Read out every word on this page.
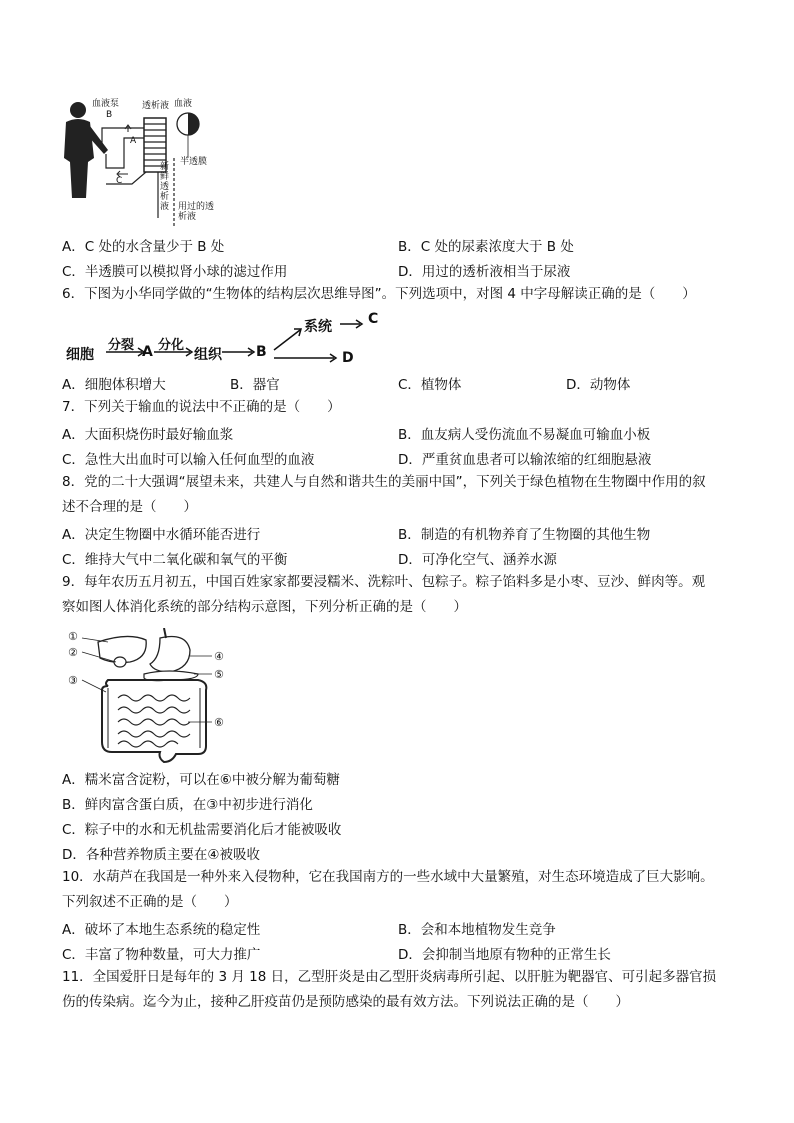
血液泵	透析液 血液
B
A
C
半透膜
新鲜透析液 用过的透析液
A．C 处的水含量少于 B 处	B．C 处的尿素浓度大于 B 处
C．半透膜可以模拟肾小球的滤过作用	D．用过的透析液相当于尿液
6．下图为小华同学做的“生物体的结构层次思维导图”。下列选项中，对图 4 中字母解读正确的是（　　）
细胞
分裂 A 分化
组织 B
系统	C
D
A．细胞体积增大	B．器官	C．植物体	D．动物体
7．下列关于输血的说法中不正确的是（　　）
A．大面积烧伤时最好输血浆	B．血友病人受伤流血不易凝血可输血小板
C．急性大出血时可以输入任何血型的血液	D．严重贫血患者可以输浓缩的红细胞悬液
8．党的二十大强调“展望未来，共建人与自然和谐共生的美丽中国”，下列关于绿色植物在生物圈中作用的叙
述不合理的是（　　）
A．决定生物圈中水循环能否进行	B．制造的有机物养育了生物圈的其他生物
C．维持大气中二氧化碳和氧气的平衡	D．可净化空气、涵养水源
9．每年农历五月初五，中国百姓家家都要浸糯米、洗粽叶、包粽子。粽子馅料多是小枣、豆沙、鲜肉等。观
察如图人体消化系统的部分结构示意图，下列分析正确的是（　　）
①
②
③
④
⑤
⑥
A．糯米富含淀粉，可以在⑥中被分解为葡萄糖
B．鲜肉富含蛋白质，在③中初步进行消化
C．粽子中的水和无机盐需要消化后才能被吸收
D．各种营养物质主要在④被吸收
10．水葫芦在我国是一种外来入侵物种，它在我国南方的一些水域中大量繁殖，对生态环境造成了巨大影响。
下列叙述不正确的是（　　）
A．破坏了本地生态系统的稳定性	B．会和本地植物发生竞争
C．丰富了物种数量，可大力推广	D．会抑制当地原有物种的正常生长
11．全国爱肝日是每年的 3 月 18 日，乙型肝炎是由乙型肝炎病毒所引起、以肝脏为靶器官、可引起多器官损
伤的传染病。迄今为止，接种乙肝疫苗仍是预防感染的最有效方法。下列说法正确的是（　　）
